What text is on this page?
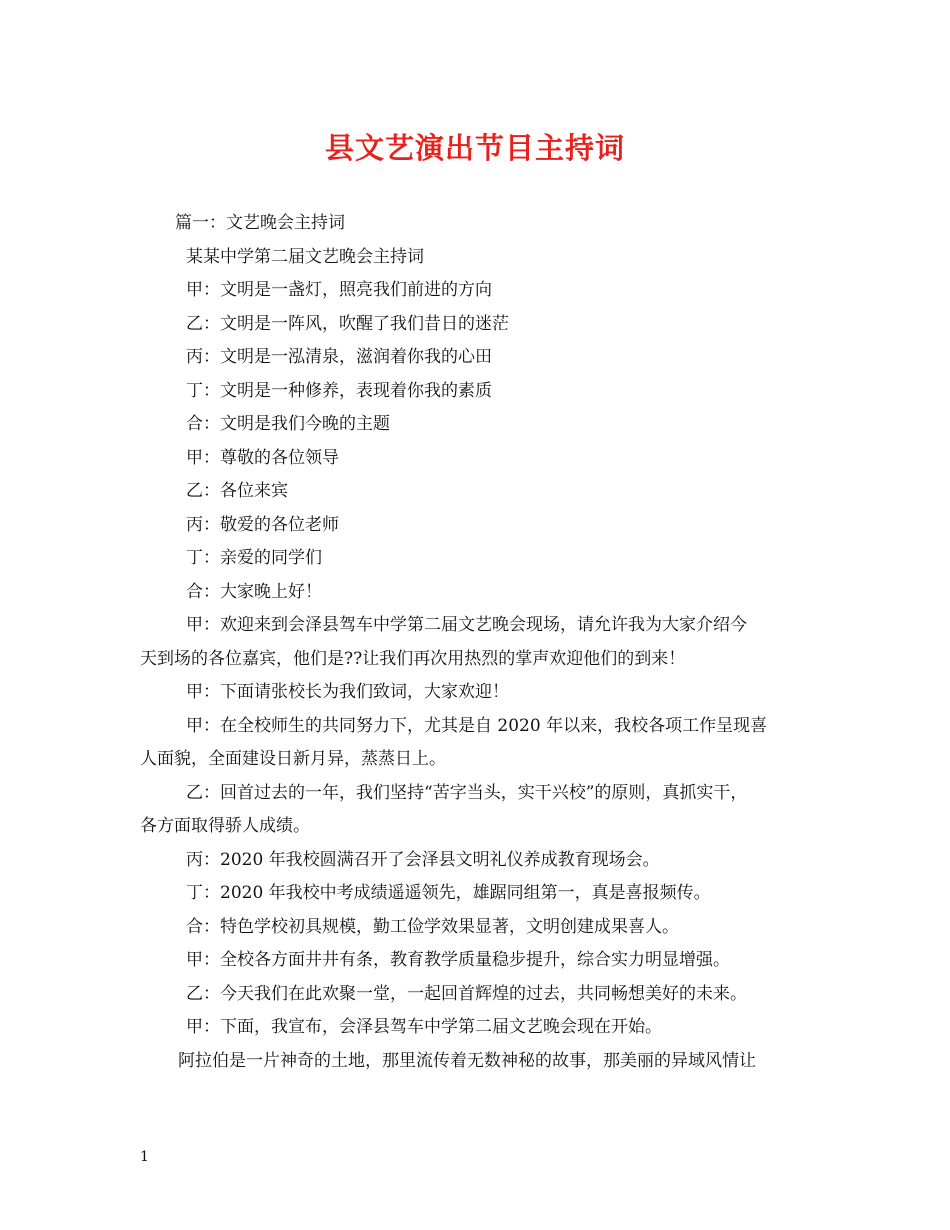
县文艺演出节目主持词
篇一：文艺晚会主持词
某某中学第二届文艺晚会主持词
甲：文明是一盏灯，照亮我们前进的方向
乙：文明是一阵风，吹醒了我们昔日的迷茫
丙：文明是一泓清泉，滋润着你我的心田
丁：文明是一种修养，表现着你我的素质
合：文明是我们今晚的主题
甲：尊敬的各位领导
乙：各位来宾
丙：敬爱的各位老师
丁：亲爱的同学们
合：大家晚上好！
甲：欢迎来到会泽县驾车中学第二届文艺晚会现场，请允许我为大家介绍今
天到场的各位嘉宾，他们是??让我们再次用热烈的掌声欢迎他们的到来！
甲：下面请张校长为我们致词，大家欢迎！
甲：在全校师生的共同努力下，尤其是自 2020 年以来，我校各项工作呈现喜
人面貌，全面建设日新月异，蒸蒸日上。
乙：回首过去的一年，我们坚持“苦字当头，实干兴校”的原则，真抓实干，
各方面取得骄人成绩。
丙：2020 年我校圆满召开了会泽县文明礼仪养成教育现场会。
丁：2020 年我校中考成绩遥遥领先，雄踞同组第一，真是喜报频传。
合：特色学校初具规模，勤工俭学效果显著，文明创建成果喜人。
甲：全校各方面井井有条，教育教学质量稳步提升，综合实力明显增强。
乙：今天我们在此欢聚一堂，一起回首辉煌的过去，共同畅想美好的未来。
甲：下面，我宣布，会泽县驾车中学第二届文艺晚会现在开始。
阿拉伯是一片神奇的土地，那里流传着无数神秘的故事，那美丽的异域风情让
1
